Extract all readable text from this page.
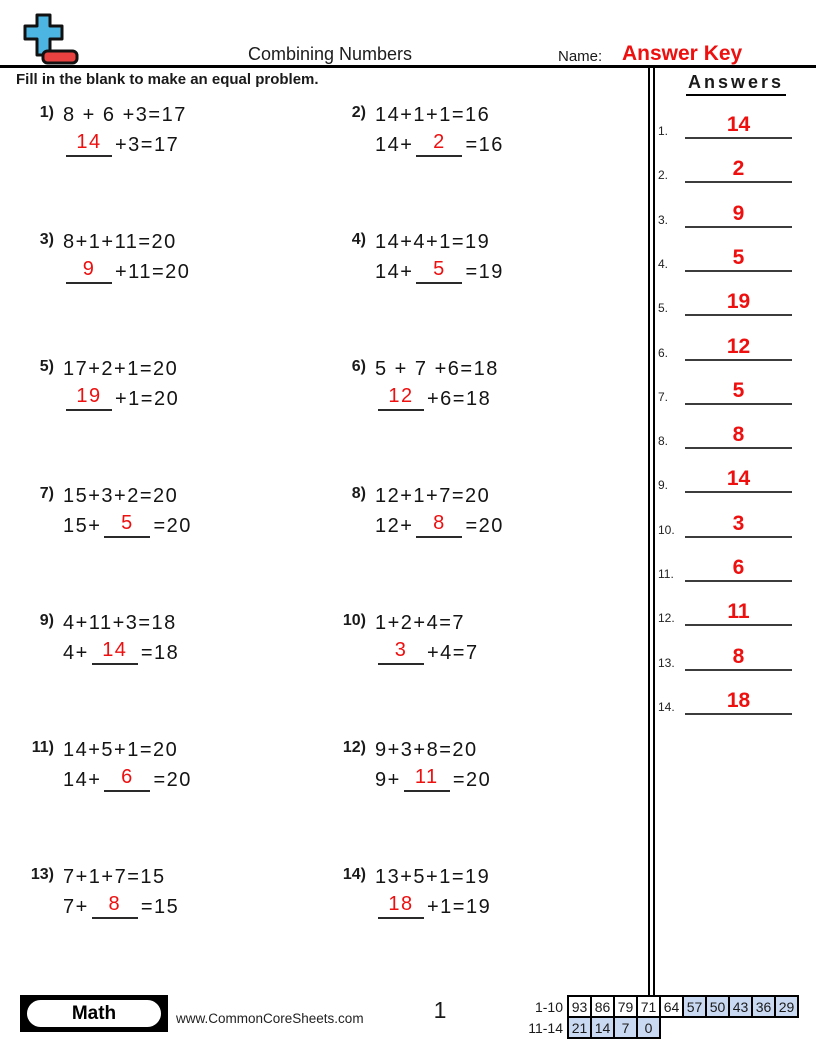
Combining Numbers	Name: Answer Key
Fill in the blank to make an equal problem.	Answers
1.	14
2.	2
3.	9
4.	5
5.	19
6.	12
7.	5
8.	8
9.	14
10.	3
11.	6
12.	11
13.	8
14.	18
1) 8 + 6 +3=17
14 +3=17
2) 14+1+1=16
14+ 2 =16
3) 8+1+11=20
9 +11=20
4) 14+4+1=19
14+ 5 =19
5) 17+2+1=20
19 +1=20
6) 5 + 7 +6=18
12 +6=18
7) 15+3+2=20
15+ 5 =20
8) 12+1+7=20
12+ 8 =20
9) 4+11+3=18
4+ 14 =18
10) 1+2+4=7
3 +4=7
11) 14+5+1=20
14+ 6 =20
12) 9+3+8=20
9+ 11 =20
13) 7+1+7=15
7+ 8 =15
14) 13+5+1=19
18 +1=19
Math	www.CommonCoreSheets.com	1	1-10 93 86 79 71 64 57 50 43 36 29
11-14 21 14 7	0
